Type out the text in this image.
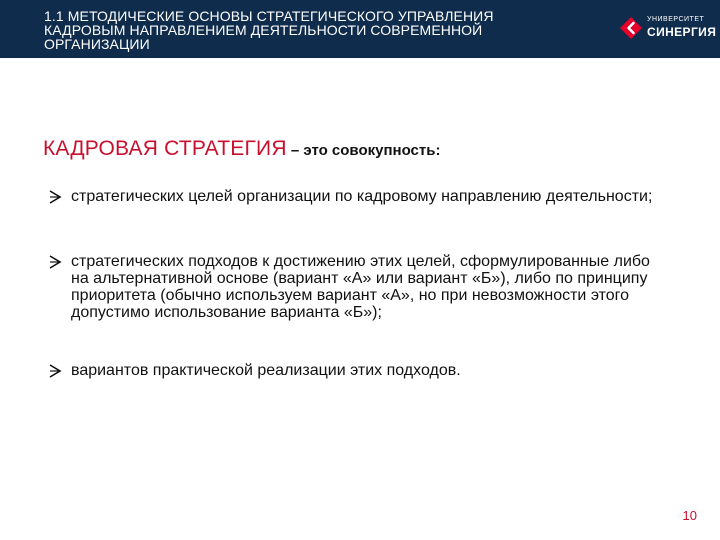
1.1 МЕТОДИЧЕСКИЕ ОСНОВЫ СТРАТЕГИЧЕСКОГО УПРАВЛЕНИЯ КАДРОВЫМ НАПРАВЛЕНИЕМ ДЕЯТЕЛЬНОСТИ СОВРЕМЕННОЙ ОРГАНИЗАЦИИ
УНИВЕРСИТЕТ
СИНЕРГИЯ
КАДРОВАЯ СТРАТЕГИЯ – это совокупность:
стратегических целей организации по кадровому направлению деятельности;
стратегических подходов к достижению этих целей, сформулированные либо на альтернативной основе (вариант «А» или вариант «Б»), либо по принципу приоритета (обычно используем вариант «А», но при невозможности этого допустимо использование варианта «Б»);
вариантов практической реализации этих подходов.
10
